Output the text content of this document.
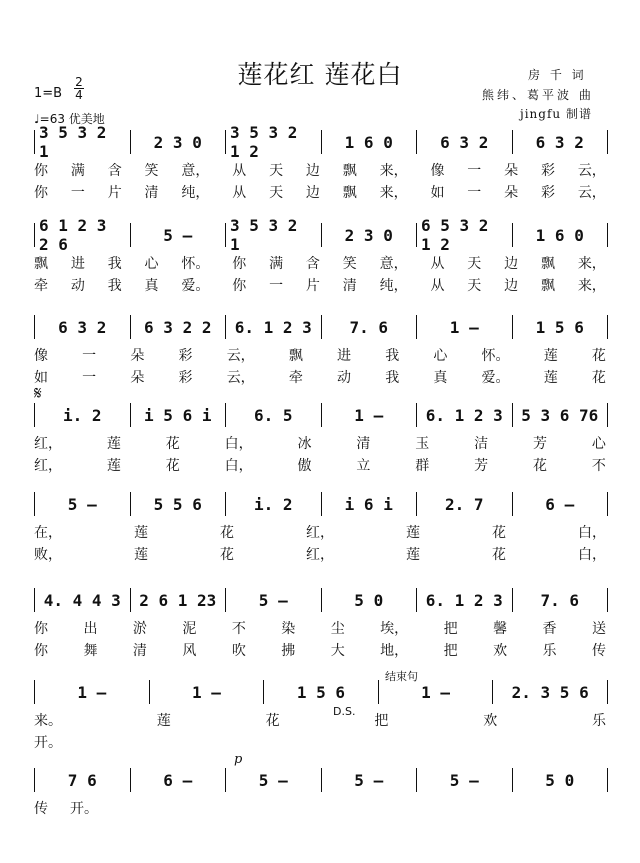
莲花红 莲花白	房 千 词
熊纬、葛平波 曲
jingfu 制谱
1=B
2
4
♩=63 优美地
3 5 3 2 1	2 3 0	3 5 3 2 1 2	1 6 0	6 3 2	6 3 2
你 满 含 笑 意， 从 天 边 飘 来， 像 一 朵 彩 云，
你 一 片 清 纯， 从 天 边 飘 来， 如 一 朵 彩 云，
6 1 2 3 2 6	5 –	3 5 3 2 1	2 3 0	6 5 3 2 1 2	1 6 0
飘 进 我 心 怀。 你 满 含 笑 意， 从 天 边 飘 来，
牵 动 我 真 爱。 你 一 片 清 纯， 从 天 边 飘 来，
6 3 2	6 3 2 2	6. 1 2 3	7. 6	1 –	1 5 6
像 一 朵 彩 云， 飘 进 我 心 怀。 莲 花
如 一 朵 彩 云， 牵 动 我 真 爱。 莲 花
i. 2	i 5 6 i	6. 5	1 –	6. 1 2 3	5 3 6 76
红，	莲	花	白，	冰	清	玉	洁	芳	心
红，	莲	花	白，	傲	立	群	芳	花	不
5 –	5 5 6	i. 2	i 6 i	2. 7	6 –
在，	莲	花	红，	莲	花	白，
败，	莲	花	红，	莲	花	白，
4. 4 4 3	2 6 1 23	5 –	5 0	6. 1 2 3	7. 6
你	出	淤	泥	不	染	尘	埃，	把	馨	香	送
你	舞	清	风	吹	拂	大	地，	把	欢	乐	传
1 –	1 –	1 5 6	1 –	2. 3 5 6
来。	莲	花	把	欢	乐
开。
7 6	6 –	5 –	5 –	5 –	5 0
传 开。
𝄋
D.S.
结束句
p
